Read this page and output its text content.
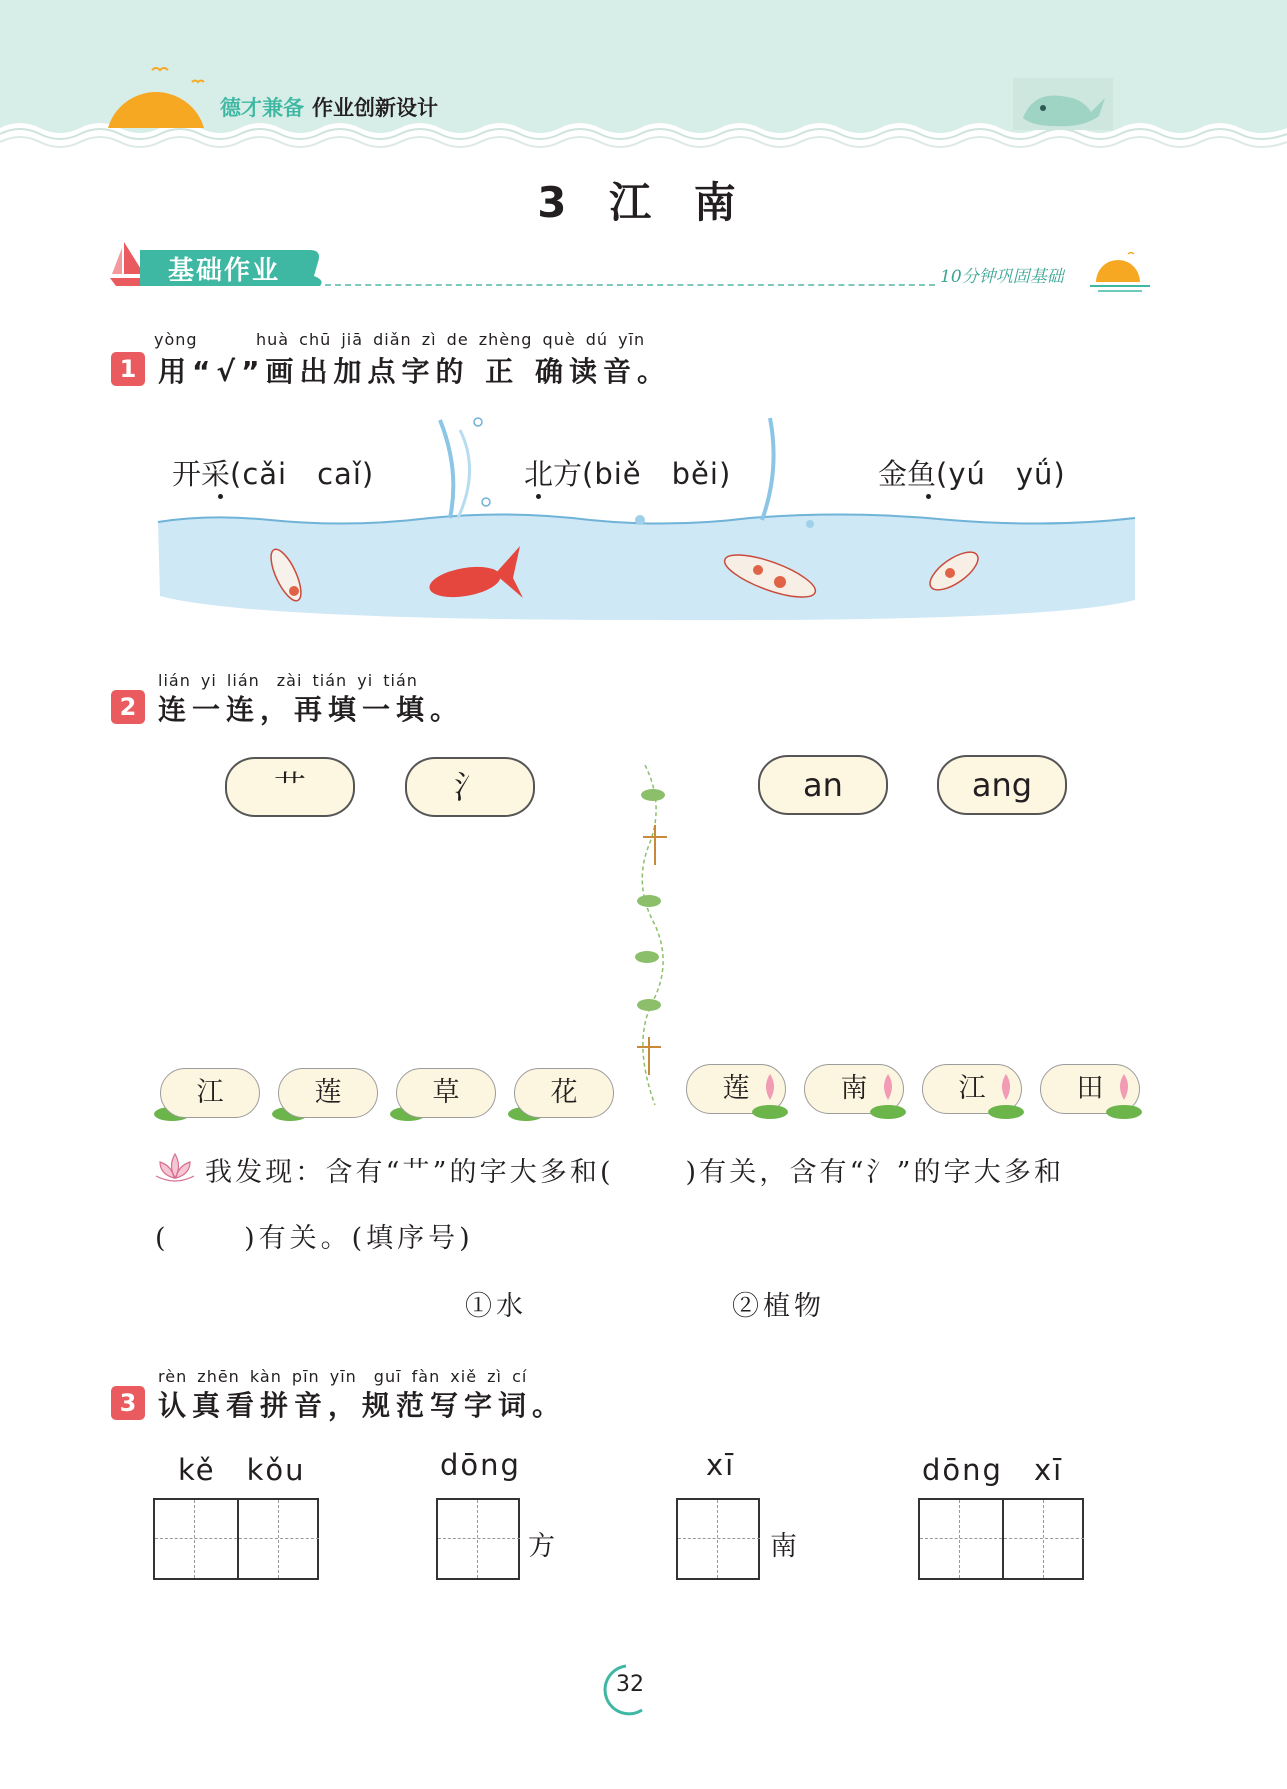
德才兼备 作业创新设计
3 江 南
基础作业	10分钟巩固基础
yòng	huà chū jiā diǎn zì de zhèng què dú yīn
1 用“√”画出加点字的 正 确读音。
开采(cǎi　caǐ)	北方(biě　běi)	金鱼(yú　yǘ)
lián yi lián　zài tián yi tián
2 连一连，再填一填。
艹	氵	an	ang
江	莲	草	花	莲	南	江	田
我发现：含有“艹”的字大多和(　　 )有关，含有“氵”的字大多和
(　　 )有关。(填序号)
①水	②植物
rèn zhēn kàn pīn yīn　guī fàn xiě zì cí
3 认真看拼音，规范写字词。
kě　kǒu	dōng
方
xī
南
dōng　xī
32
